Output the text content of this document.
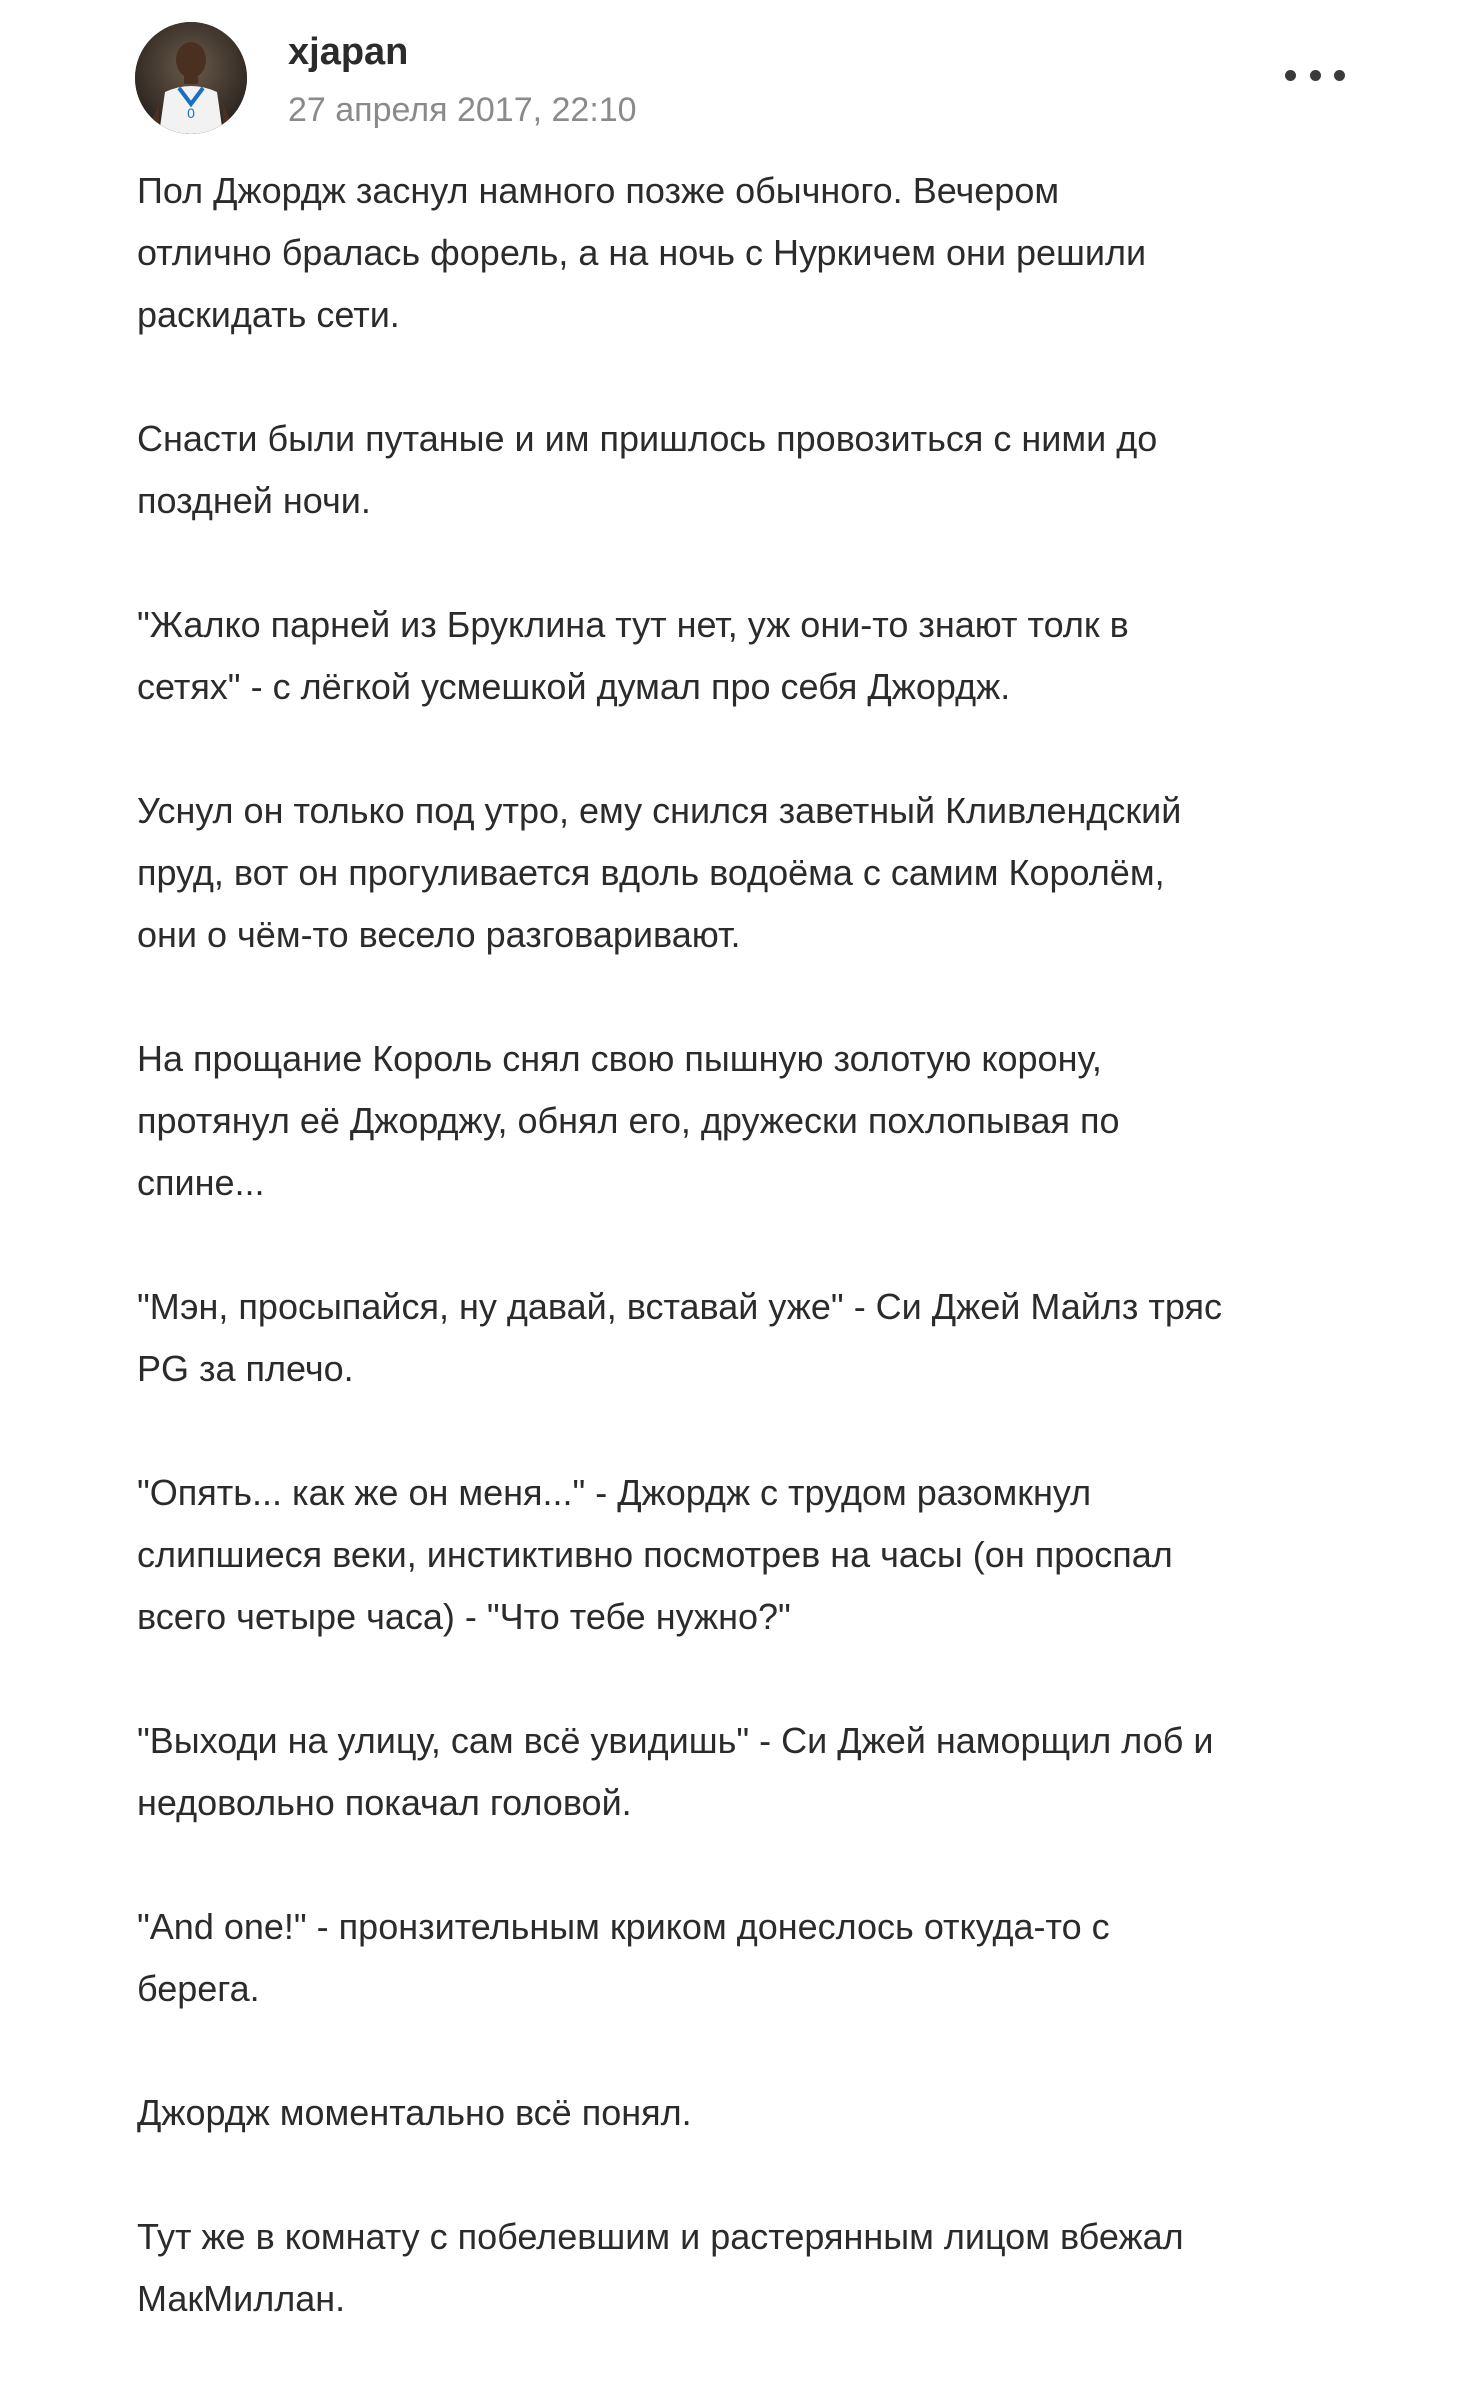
0
xjapan
27 апреля 2017, 22:10

Пол Джордж заснул намного позже обычного. Вечером
отлично бралась форель, а на ночь с Нуркичем они решили
раскидать сети.

Снасти были путаные и им пришлось провозиться с ними до
поздней ночи.

"Жалко парней из Бруклина тут нет, уж они-то знают толк в
сетях" - с лёгкой усмешкой думал про себя Джордж.

Уснул он только под утро, ему снился заветный Кливлендский
пруд, вот он прогуливается вдоль водоёма с самим Королём,
они о чём-то весело разговаривают.

На прощание Король снял свою пышную золотую корону,
протянул её Джорджу, обнял его, дружески похлопывая по
спине...

"Мэн, просыпайся, ну давай, вставай уже" - Си Джей Майлз тряс
PG за плечо.

"Опять... как же он меня..." - Джордж с трудом разомкнул
слипшиеся веки, инстиктивно посмотрев на часы (он проспал
всего четыре часа) - "Что тебе нужно?"

"Выходи на улицу, сам всё увидишь" - Си Джей наморщил лоб и
недовольно покачал головой.

"And one!" - пронзительным криком донеслось откуда-то с
берега.

Джордж моментально всё понял.

Тут же в комнату с побелевшим и растерянным лицом вбежал
МакМиллан.
